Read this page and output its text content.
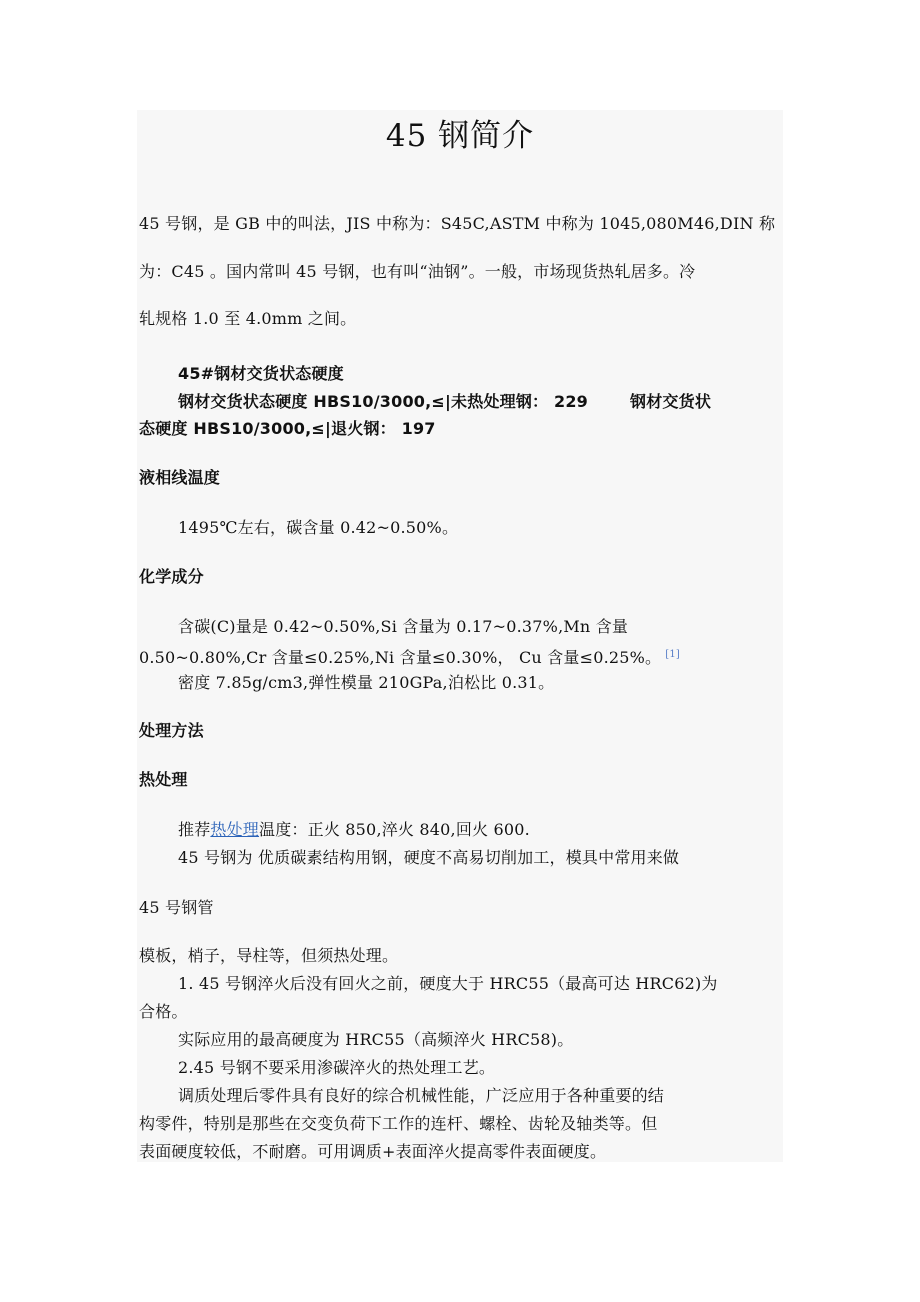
45 钢简介
45 号钢，是 GB 中的叫法，JIS 中称为：S45C,ASTM 中称为 1045,080M46,DIN 称
为：C45 。国内常叫 45 号钢，也有叫“油钢”。一般，市场现货热轧居多。冷
轧规格 1.0 至 4.0mm 之间。
45#钢材交货状态硬度
钢材交货状态硬度 HBS10/3000,≤|未热处理钢： 229	钢材交货状
态硬度 HBS10/3000,≤|退火钢： 197
液相线温度
1495℃左右，碳含量 0.42~0.50%。
化学成分
含碳(C)量是 0.42~0.50%,Si 含量为 0.17~0.37%,Mn 含量
0.50~0.80%,Cr 含量≤0.25%,Ni 含量≤0.30%， Cu 含量≤0.25%。 [1]
密度 7.85g/cm3,弹性模量 210GPa,泊松比 0.31。
处理方法
热处理
推荐热处理温度：正火 850,淬火 840,回火 600.
45 号钢为 优质碳素结构用钢，硬度不高易切削加工，模具中常用来做
45 号钢管
模板，梢子，导柱等，但须热处理。
1. 45 号钢淬火后没有回火之前，硬度大于 HRC55（最高可达 HRC62)为
合格。
实际应用的最高硬度为 HRC55（高频淬火 HRC58)。
2.45 号钢不要采用渗碳淬火的热处理工艺。
调质处理后零件具有良好的综合机械性能，广泛应用于各种重要的结
构零件，特别是那些在交变负荷下工作的连杆、螺栓、齿轮及轴类等。但
表面硬度较低，不耐磨。可用调质+表面淬火提高零件表面硬度。
